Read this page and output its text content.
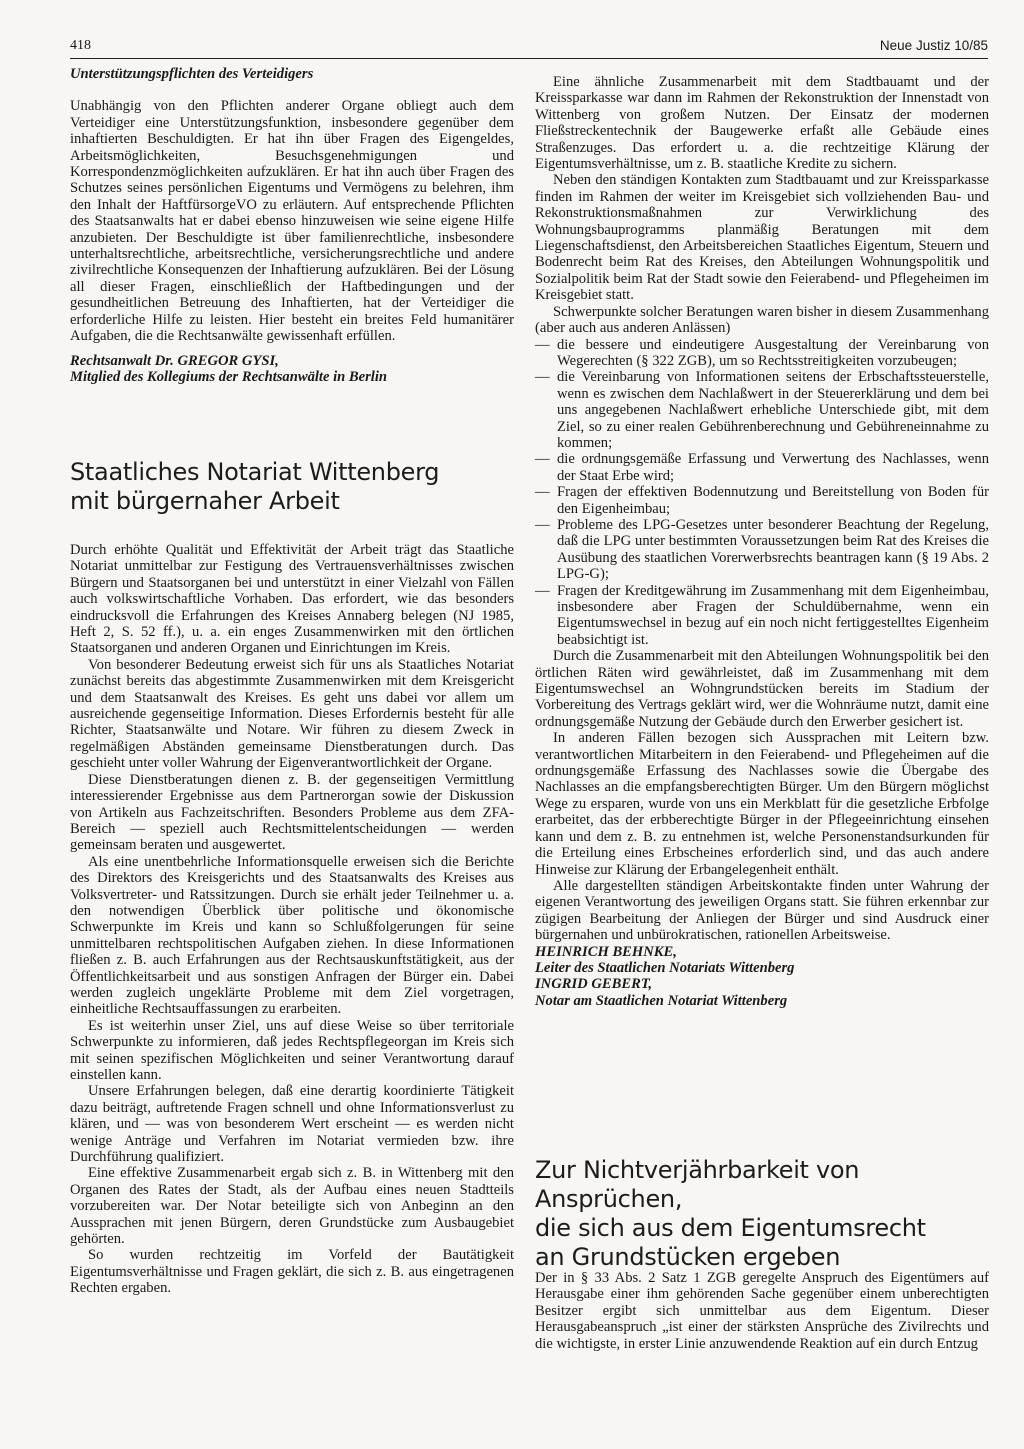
418	Neue Justiz 10/85

Unterstützungspflichten des Verteidigers

Unabhängig von den Pflichten anderer Organe obliegt auch dem Verteidiger eine Unterstützungsfunktion, insbesondere gegenüber dem inhaftierten Beschuldigten. Er hat ihn über Fragen des Eigengeldes, Arbeitsmöglichkeiten, Besuchsgenehmigungen und Korrespondenzmöglichkeiten aufzuklären. Er hat ihn auch über Fragen des Schutzes seines persönlichen Eigentums und Vermögens zu belehren, ihm den Inhalt der HaftfürsorgeVO zu erläutern. Auf entsprechende Pflichten des Staatsanwalts hat er dabei ebenso hinzuweisen wie seine eigene Hilfe anzubieten. Der Beschuldigte ist über familienrechtliche, insbesondere unterhaltsrechtliche, arbeitsrechtliche, versicherungsrechtliche und andere zivilrechtliche Konsequenzen der Inhaftierung aufzuklären. Bei der Lösung all dieser Fragen, einschließlich der Haftbedingungen und der gesundheitlichen Betreuung des Inhaftierten, hat der Verteidiger die erforderliche Hilfe zu leisten. Hier besteht ein breites Feld humanitärer Aufgaben, die die Rechtsanwälte gewissenhaft erfüllen.

Rechtsanwalt Dr. GREGOR GYSI,

Mitglied des Kollegiums der Rechtsanwälte in Berlin

Staatliches Notariat Wittenberg
mit bürgernaher Arbeit

Durch erhöhte Qualität und Effektivität der Arbeit trägt das Staatliche Notariat unmittelbar zur Festigung des Vertrauensverhältnisses zwischen Bürgern und Staatsorganen bei und unterstützt in einer Vielzahl von Fällen auch volkswirtschaftliche Vorhaben. Das erfordert, wie das besonders eindrucksvoll die Erfahrungen des Kreises Annaberg belegen (NJ 1985, Heft 2, S. 52 ff.), u. a. ein enges Zusammenwirken mit den örtlichen Staatsorganen und anderen Organen und Einrichtungen im Kreis.

Von besonderer Bedeutung erweist sich für uns als Staatliches Notariat zunächst bereits das abgestimmte Zusammenwirken mit dem Kreisgericht und dem Staatsanwalt des Kreises. Es geht uns dabei vor allem um ausreichende gegenseitige Information. Dieses Erfordernis besteht für alle Richter, Staatsanwälte und Notare. Wir führen zu diesem Zweck in regelmäßigen Abständen gemeinsame Dienstberatungen durch. Das geschieht unter voller Wahrung der Eigenverantwortlichkeit der Organe.

Diese Dienstberatungen dienen z. B. der gegenseitigen Vermittlung interessierender Ergebnisse aus dem Partnerorgan sowie der Diskussion von Artikeln aus Fachzeitschriften. Besonders Probleme aus dem ZFA-Bereich — speziell auch Rechtsmittelentscheidungen — werden gemeinsam beraten und ausgewertet.

Als eine unentbehrliche Informationsquelle erweisen sich die Berichte des Direktors des Kreisgerichts und des Staatsanwalts des Kreises aus Volksvertreter- und Ratssitzungen. Durch sie erhält jeder Teilnehmer u. a. den notwendigen Überblick über politische und ökonomische Schwerpunkte im Kreis und kann so Schlußfolgerungen für seine unmittelbaren rechtspolitischen Aufgaben ziehen. In diese Informationen fließen z. B. auch Erfahrungen aus der Rechtsauskunftstätigkeit, aus der Öffentlichkeitsarbeit und aus sonstigen Anfragen der Bürger ein. Dabei werden zugleich ungeklärte Probleme mit dem Ziel vorgetragen, einheitliche Rechtsauffassungen zu erarbeiten.

Es ist weiterhin unser Ziel, uns auf diese Weise so über territoriale Schwerpunkte zu informieren, daß jedes Rechtspflegeorgan im Kreis sich mit seinen spezifischen Möglichkeiten und seiner Verantwortung darauf einstellen kann.

Unsere Erfahrungen belegen, daß eine derartig koordinierte Tätigkeit dazu beiträgt, auftretende Fragen schnell und ohne Informationsverlust zu klären, und — was von besonderem Wert erscheint — es werden nicht wenige Anträge und Verfahren im Notariat vermieden bzw. ihre Durchführung qualifiziert.

Eine effektive Zusammenarbeit ergab sich z. B. in Wittenberg mit den Organen des Rates der Stadt, als der Aufbau eines neuen Stadtteils vorzubereiten war. Der Notar beteiligte sich von Anbeginn an den Aussprachen mit jenen Bürgern, deren Grundstücke zum Ausbaugebiet gehörten.

So wurden rechtzeitig im Vorfeld der Bautätigkeit Eigentumsverhältnisse und Fragen geklärt, die sich z. B. aus eingetragenen Rechten ergaben.

Eine ähnliche Zusammenarbeit mit dem Stadtbauamt und der Kreissparkasse war dann im Rahmen der Rekonstruktion der Innenstadt von Wittenberg von großem Nutzen. Der Einsatz der modernen Fließstreckentechnik der Baugewerke erfaßt alle Gebäude eines Straßenzuges. Das erfordert u. a. die rechtzeitige Klärung der Eigentumsverhältnisse, um z. B. staatliche Kredite zu sichern.

Neben den ständigen Kontakten zum Stadtbauamt und zur Kreissparkasse finden im Rahmen der weiter im Kreisgebiet sich vollziehenden Bau- und Rekonstruktionsmaßnahmen zur Verwirklichung des Wohnungsbauprogramms planmäßig Beratungen mit dem Liegenschaftsdienst, den Arbeitsbereichen Staatliches Eigentum, Steuern und Bodenrecht beim Rat des Kreises, den Abteilungen Wohnungspolitik und Sozialpolitik beim Rat der Stadt sowie den Feierabend- und Pflegeheimen im Kreisgebiet statt.

Schwerpunkte solcher Beratungen waren bisher in diesem Zusammenhang (aber auch aus anderen Anlässen)

— die bessere und eindeutigere Ausgestaltung der Vereinbarung von Wegerechten (§ 322 ZGB), um so Rechtsstreitigkeiten vorzubeugen;
— die Vereinbarung von Informationen seitens der Erbschaftssteuerstelle, wenn es zwischen dem Nachlaßwert in der Steuererklärung und dem bei uns angegebenen Nachlaßwert erhebliche Unterschiede gibt, mit dem Ziel, so zu einer realen Gebührenberechnung und Gebühreneinnahme zu kommen;
— die ordnungsgemäße Erfassung und Verwertung des Nachlasses, wenn der Staat Erbe wird;
— Fragen der effektiven Bodennutzung und Bereitstellung von Boden für den Eigenheimbau;
— Probleme des LPG-Gesetzes unter besonderer Beachtung der Regelung, daß die LPG unter bestimmten Voraussetzungen beim Rat des Kreises die Ausübung des staatlichen Vorerwerbsrechts beantragen kann (§ 19 Abs. 2 LPG-G);
— Fragen der Kreditgewährung im Zusammenhang mit dem Eigenheimbau, insbesondere aber Fragen der Schuldübernahme, wenn ein Eigentumswechsel in bezug auf ein noch nicht fertiggestelltes Eigenheim beabsichtigt ist.

Durch die Zusammenarbeit mit den Abteilungen Wohnungspolitik bei den örtlichen Räten wird gewährleistet, daß im Zusammenhang mit dem Eigentumswechsel an Wohngrundstücken bereits im Stadium der Vorbereitung des Vertrags geklärt wird, wer die Wohnräume nutzt, damit eine ordnungsgemäße Nutzung der Gebäude durch den Erwerber gesichert ist.

In anderen Fällen bezogen sich Aussprachen mit Leitern bzw. verantwortlichen Mitarbeitern in den Feierabend- und Pflegeheimen auf die ordnungsgemäße Erfassung des Nachlasses sowie die Übergabe des Nachlasses an die empfangsberechtigten Bürger. Um den Bürgern möglichst Wege zu ersparen, wurde von uns ein Merkblatt für die gesetzliche Erbfolge erarbeitet, das der erbberechtigte Bürger in der Pflegeeinrichtung einsehen kann und dem z. B. zu entnehmen ist, welche Personenstandsurkunden für die Erteilung eines Erbscheines erforderlich sind, und das auch andere Hinweise zur Klärung der Erbangelegenheit enthält.

Alle dargestellten ständigen Arbeitskontakte finden unter Wahrung der eigenen Verantwortung des jeweiligen Organs statt. Sie führen erkennbar zur zügigen Bearbeitung der Anliegen der Bürger und sind Ausdruck einer bürgernahen und unbürokratischen, rationellen Arbeitsweise.

HEINRICH BEHNKE,

Leiter des Staatlichen Notariats Wittenberg

INGRID GEBERT,

Notar am Staatlichen Notariat Wittenberg

Zur Nichtverjährbarkeit von Ansprüchen,
die sich aus dem Eigentumsrecht
an Grundstücken ergeben

Der in § 33 Abs. 2 Satz 1 ZGB geregelte Anspruch des Eigentümers auf Herausgabe einer ihm gehörenden Sache gegenüber einem unberechtigten Besitzer ergibt sich unmittelbar aus dem Eigentum. Dieser Herausgabeanspruch „ist einer der stärksten Ansprüche des Zivilrechts und die wichtigste, in erster Linie anzuwendende Reaktion auf ein durch Entzug
